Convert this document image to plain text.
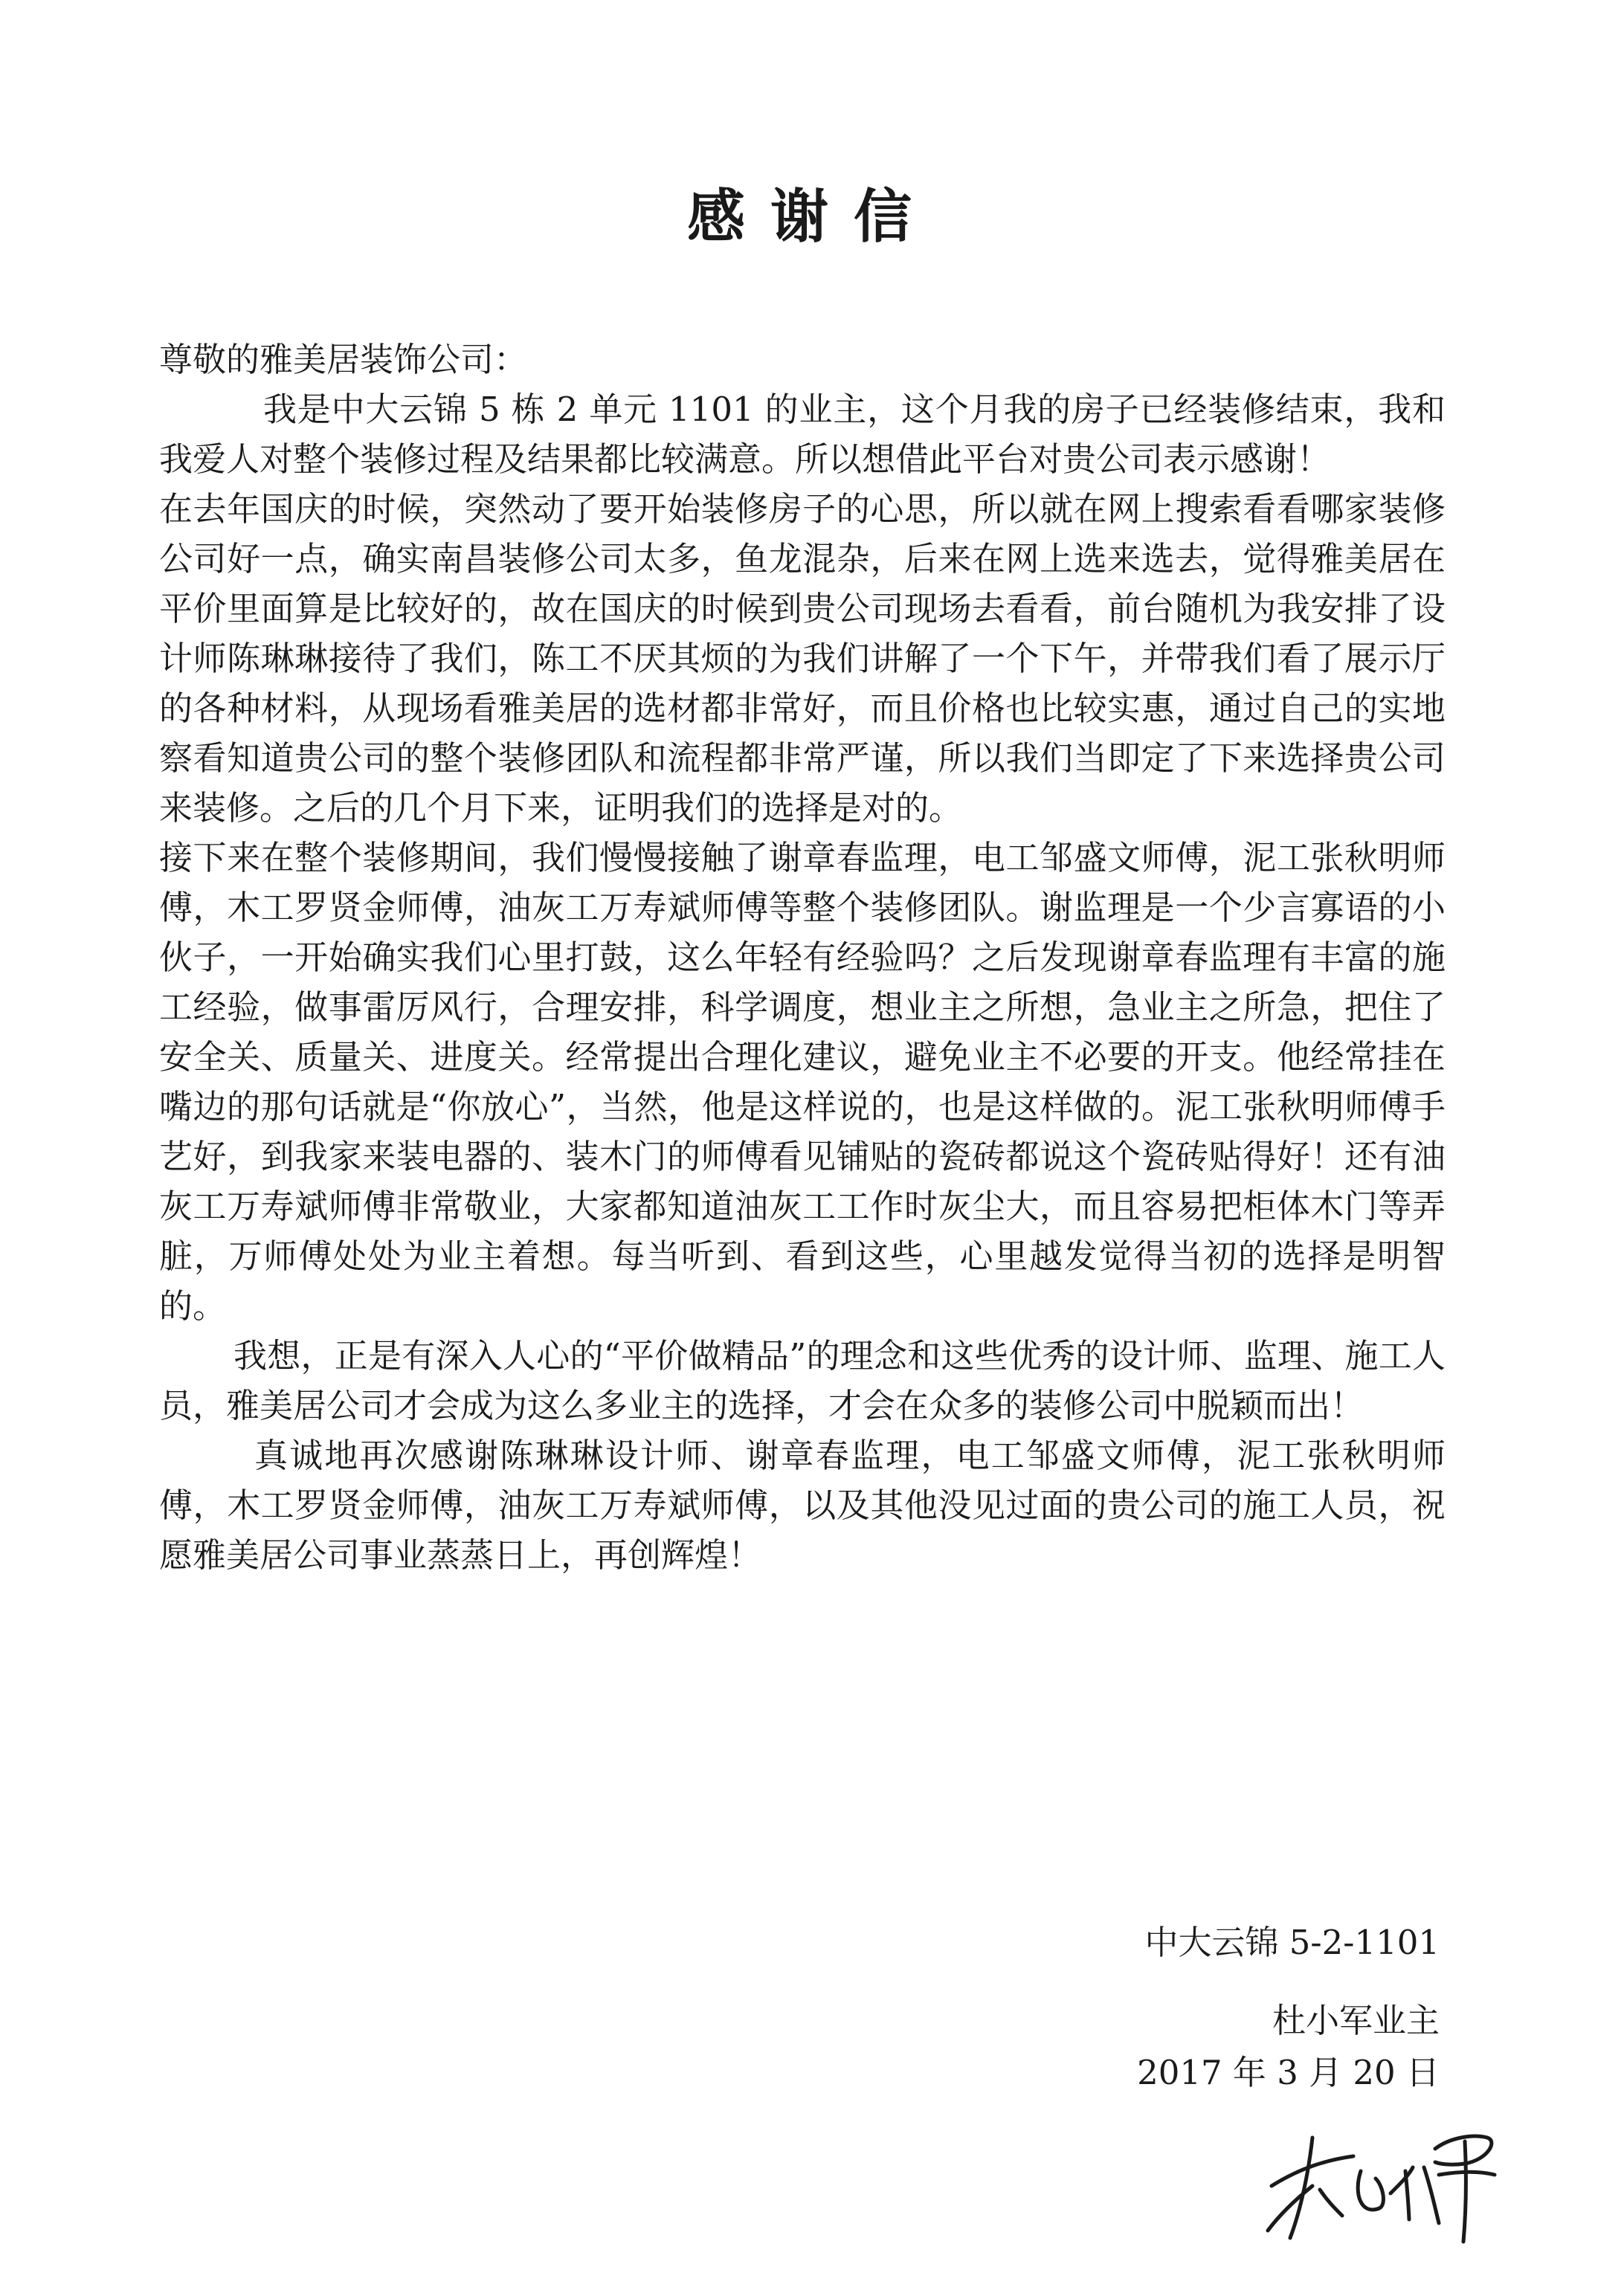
感谢信

尊敬的雅美居装饰公司：

我是中大云锦 5 栋 2 单元 1101 的业主，这个月我的房子已经装修结束，我和我爱人对整个装修过程及结果都比较满意。所以想借此平台对贵公司表示感谢！

在去年国庆的时候，突然动了要开始装修房子的心思，所以就在网上搜索看看哪家装修公司好一点，确实南昌装修公司太多，鱼龙混杂，后来在网上选来选去，觉得雅美居在平价里面算是比较好的，故在国庆的时候到贵公司现场去看看，前台随机为我安排了设计师陈琳琳接待了我们，陈工不厌其烦的为我们讲解了一个下午，并带我们看了展示厅的各种材料，从现场看雅美居的选材都非常好，而且价格也比较实惠，通过自己的实地察看知道贵公司的整个装修团队和流程都非常严谨，所以我们当即定了下来选择贵公司来装修。之后的几个月下来，证明我们的选择是对的。

接下来在整个装修期间，我们慢慢接触了谢章春监理，电工邹盛文师傅，泥工张秋明师傅，木工罗贤金师傅，油灰工万寿斌师傅等整个装修团队。谢监理是一个少言寡语的小伙子，一开始确实我们心里打鼓，这么年轻有经验吗？之后发现谢章春监理有丰富的施工经验，做事雷厉风行，合理安排，科学调度，想业主之所想，急业主之所急，把住了安全关、质量关、进度关。经常提出合理化建议，避免业主不必要的开支。他经常挂在嘴边的那句话就是“你放心”，当然，他是这样说的，也是这样做的。泥工张秋明师傅手艺好，到我家来装电器的、装木门的师傅看见铺贴的瓷砖都说这个瓷砖贴得好！还有油灰工万寿斌师傅非常敬业，大家都知道油灰工工作时灰尘大，而且容易把柜体木门等弄脏，万师傅处处为业主着想。每当听到、看到这些，心里越发觉得当初的选择是明智的。

我想，正是有深入人心的“平价做精品”的理念和这些优秀的设计师、监理、施工人员，雅美居公司才会成为这么多业主的选择，才会在众多的装修公司中脱颖而出！

真诚地再次感谢陈琳琳设计师、谢章春监理，电工邹盛文师傅，泥工张秋明师傅，木工罗贤金师傅，油灰工万寿斌师傅，以及其他没见过面的贵公司的施工人员，祝愿雅美居公司事业蒸蒸日上，再创辉煌！

中大云锦 5-2-1101

杜小军业主

2017 年 3 月 20 日
